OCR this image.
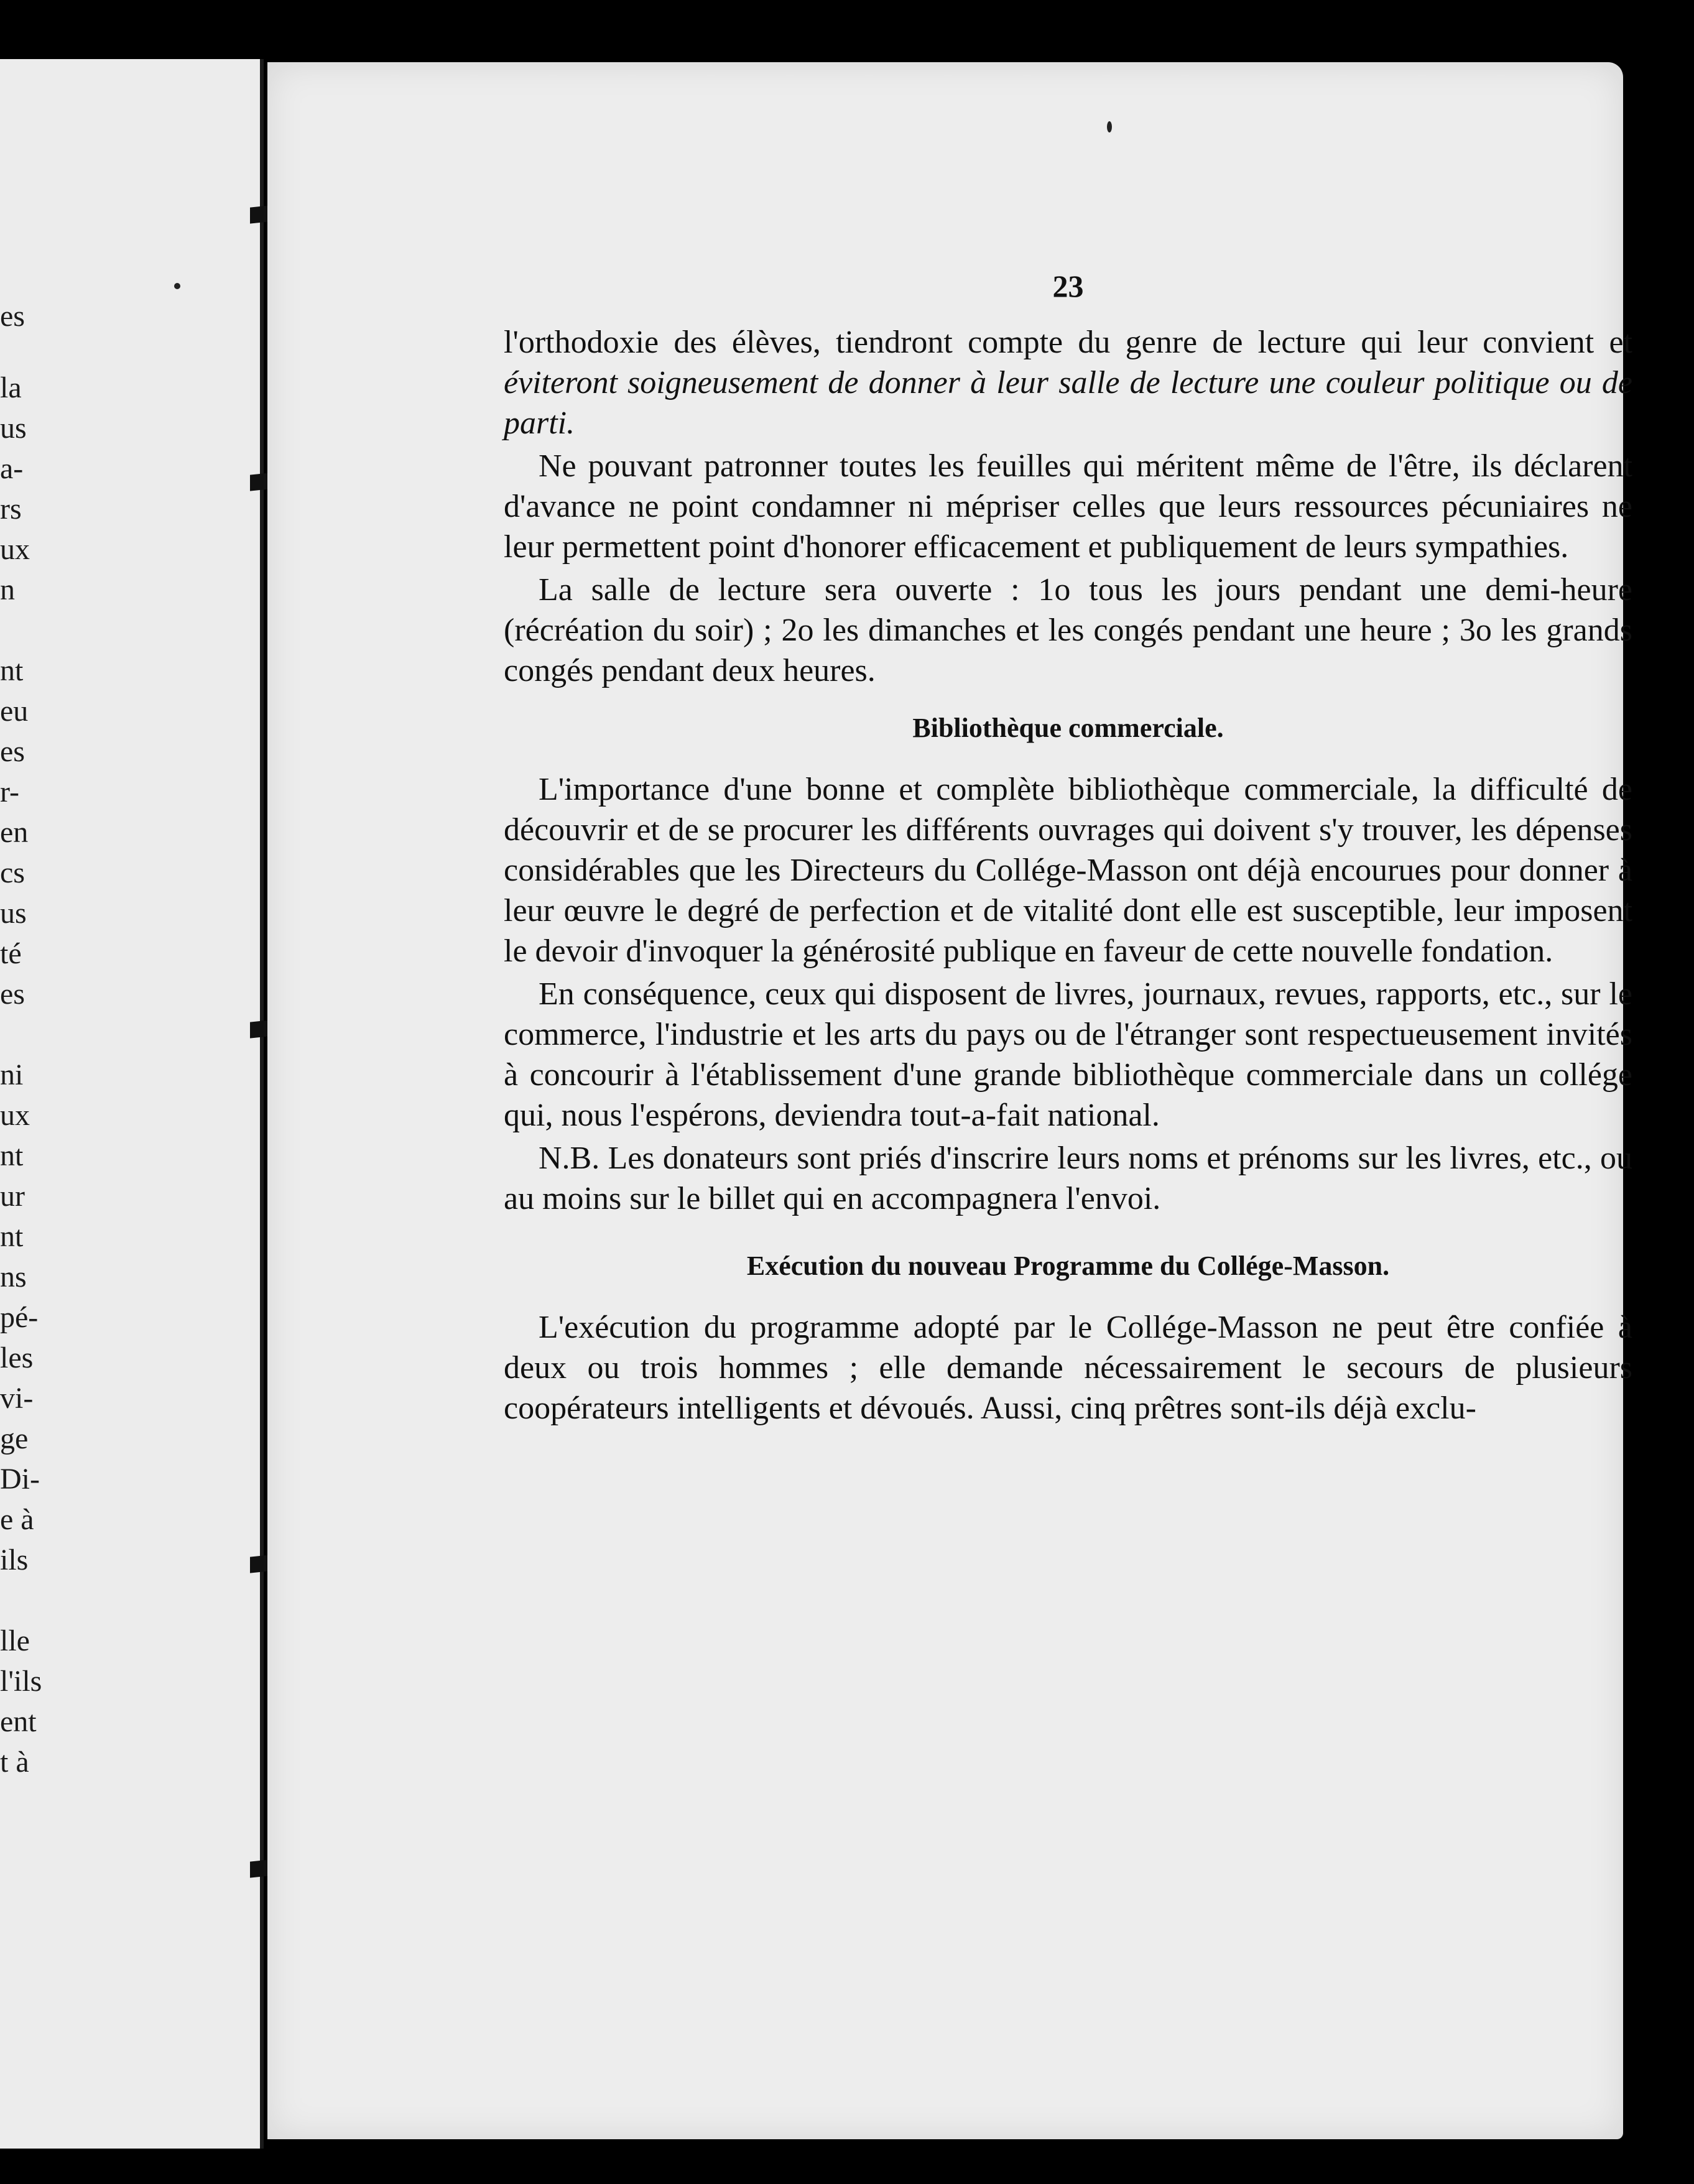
es
la
us
a-
rs
ux
n
nt
eu
es
r-
en
cs
us
té
es
ni
ux
nt
ur
nt
ns
pé-
les
vi-
ge
Di-
e à
ils
lle
l'ils
ent
t à
23

l'orthodoxie des élèves, tiendront compte du genre de lecture qui leur convient et éviteront soigneusement de donner à leur salle de lecture une couleur politique ou de parti.

Ne pouvant patronner toutes les feuilles qui méritent même de l'être, ils déclarent d'avance ne point condamner ni mépriser celles que leurs ressources pécuniaires ne leur permettent point d'honorer efficacement et publiquement de leurs sympathies.

La salle de lecture sera ouverte : 1o tous les jours pendant une demi-heure (récréation du soir) ; 2o les dimanches et les congés pendant une heure ; 3o les grands congés pendant deux heures.

Bibliothèque commerciale.

L'importance d'une bonne et complète bibliothèque commerciale, la difficulté de découvrir et de se procurer les différents ouvrages qui doivent s'y trouver, les dépenses considérables que les Directeurs du Collége-Masson ont déjà encourues pour donner à leur œuvre le degré de perfection et de vitalité dont elle est susceptible, leur imposent le devoir d'invoquer la générosité publique en faveur de cette nouvelle fondation.

En conséquence, ceux qui disposent de livres, journaux, revues, rapports, etc., sur le commerce, l'industrie et les arts du pays ou de l'étranger sont respectueusement invités à concourir à l'établissement d'une grande bibliothèque commerciale dans un collége qui, nous l'espérons, deviendra tout-a-fait national.

N.B. Les donateurs sont priés d'inscrire leurs noms et prénoms sur les livres, etc., ou au moins sur le billet qui en accompagnera l'envoi.

Exécution du nouveau Programme du Collége-Masson.

L'exécution du programme adopté par le Collége-Masson ne peut être confiée à deux ou trois hommes ; elle demande nécessairement le secours de plusieurs coopérateurs intelligents et dévoués. Aussi, cinq prêtres sont-ils déjà exclu-
